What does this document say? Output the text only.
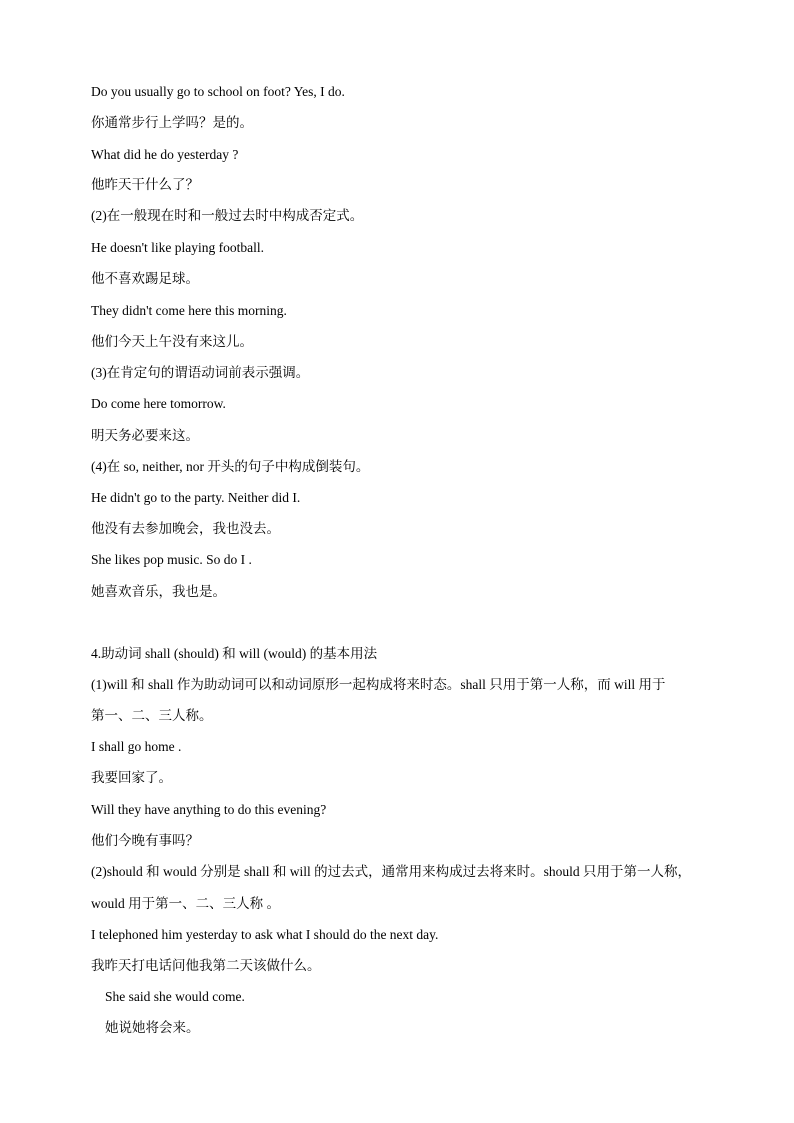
Do you usually go to school on foot? Yes, I do.
你通常步行上学吗？是的。
What did he do yesterday ?
他昨天干什么了？
(2)在一般现在时和一般过去时中构成否定式。
He doesn't like playing football.
他不喜欢踢足球。
They didn't come here this morning.
他们今天上午没有来这儿。
(3)在肯定句的谓语动词前表示强调。
Do come here tomorrow.
明天务必要来这。
(4)在 so, neither, nor 开头的句子中构成倒装句。
He didn't go to the party. Neither did I.
他没有去参加晚会，我也没去。
She likes pop music. So do I .
她喜欢音乐，我也是。
4.助动词 shall (should) 和 will (would) 的基本用法
(1)will 和 shall 作为助动词可以和动词原形一起构成将来时态。shall 只用于第一人称，而 will 用于
第一、二、三人称。
I shall go home .
我要回家了。
Will they have anything to do this evening?
他们今晚有事吗？
(2)should 和 would 分别是 shall 和 will 的过去式，通常用来构成过去将来时。should 只用于第一人称，
would 用于第一、二、三人称 。
I telephoned him yesterday to ask what I should do the next day.
我昨天打电话问他我第二天该做什么。
She said she would come.
她说她将会来。
